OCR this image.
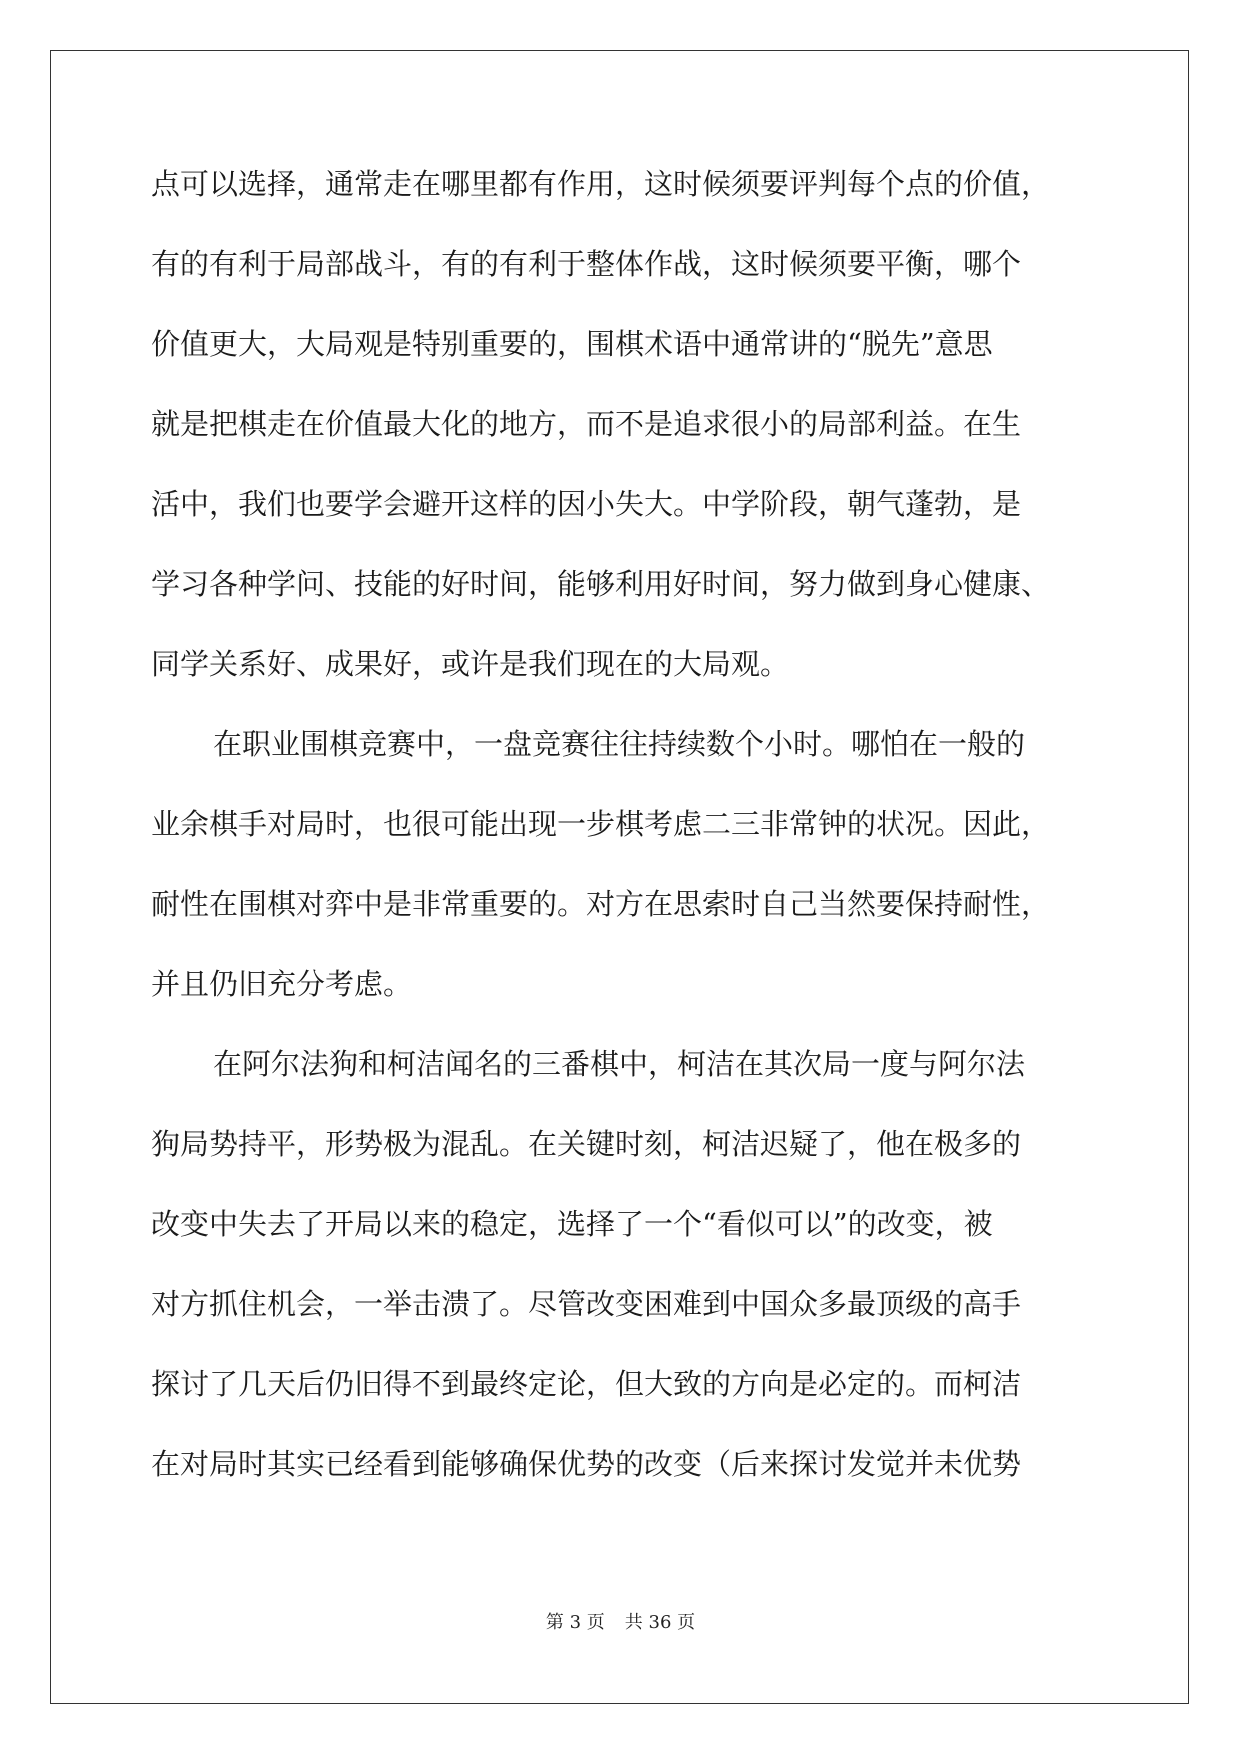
点可以选择，通常走在哪里都有作用，这时候须要评判每个点的价值，
有的有利于局部战斗，有的有利于整体作战，这时候须要平衡，哪个
价值更大，大局观是特别重要的，围棋术语中通常讲的“脱先”意思
就是把棋走在价值最大化的地方，而不是追求很小的局部利益。在生
活中，我们也要学会避开这样的因小失大。中学阶段，朝气蓬勃，是
学习各种学问、技能的好时间，能够利用好时间，努力做到身心健康、
同学关系好、成果好，或许是我们现在的大局观。
在职业围棋竞赛中，一盘竞赛往往持续数个小时。哪怕在一般的
业余棋手对局时，也很可能出现一步棋考虑二三非常钟的状况。因此，
耐性在围棋对弈中是非常重要的。对方在思索时自己当然要保持耐性，
并且仍旧充分考虑。
在阿尔法狗和柯洁闻名的三番棋中，柯洁在其次局一度与阿尔法
狗局势持平，形势极为混乱。在关键时刻，柯洁迟疑了，他在极多的
改变中失去了开局以来的稳定，选择了一个“看似可以”的改变，被
对方抓住机会，一举击溃了。尽管改变困难到中国众多最顶级的高手
探讨了几天后仍旧得不到最终定论，但大致的方向是必定的。而柯洁
在对局时其实已经看到能够确保优势的改变（后来探讨发觉并未优势
第 3 页 共 36 页
